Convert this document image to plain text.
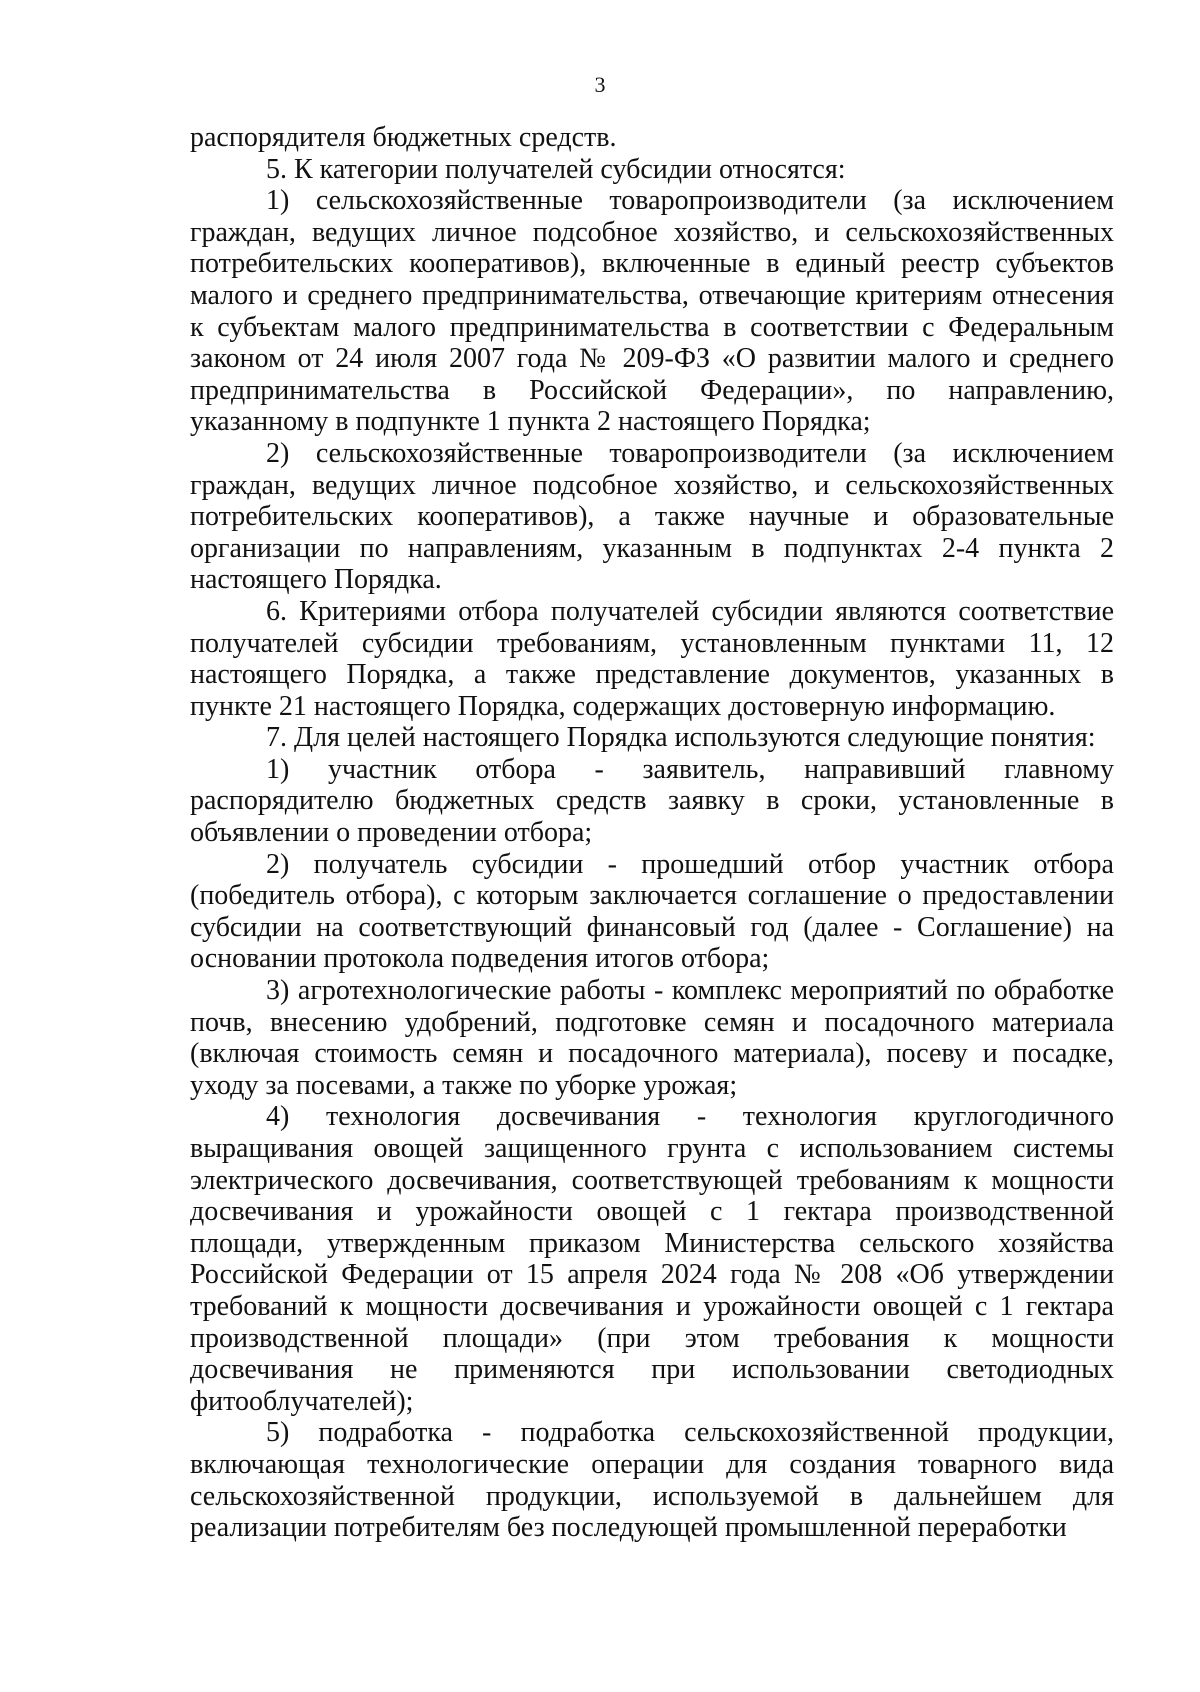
3

распорядителя бюджетных средств.

5. К категории получателей субсидии относятся:

1) сельскохозяйственные товаропроизводители (за исключением граждан, ведущих личное подсобное хозяйство, и сельскохозяйственных потребительских кооперативов), включенные в единый реестр субъектов малого и среднего предпринимательства, отвечающие критериям отнесения к субъектам малого предпринимательства в соответствии с Федеральным законом от 24 июля 2007 года № 209-ФЗ «О развитии малого и среднего предпринимательства в Российской Федерации», по направлению, указанному в подпункте 1 пункта 2 настоящего Порядка;

2) сельскохозяйственные товаропроизводители (за исключением граждан, ведущих личное подсобное хозяйство, и сельскохозяйственных потребительских кооперативов), а также научные и образовательные организации по направлениям, указанным в подпунктах 2-4 пункта 2 настоящего Порядка.

6. Критериями отбора получателей субсидии являются соответствие получателей субсидии требованиям, установленным пунктами 11, 12 настоящего Порядка, а также представление документов, указанных в пункте 21 настоящего Порядка, содержащих достоверную информацию.

7. Для целей настоящего Порядка используются следующие понятия:

1) участник отбора - заявитель, направивший главному распорядителю бюджетных средств заявку в сроки, установленные в объявлении о проведении отбора;

2) получатель субсидии - прошедший отбор участник отбора (победитель отбора), с которым заключается соглашение о предоставлении субсидии на соответствующий финансовый год (далее - Соглашение) на основании протокола подведения итогов отбора;

3) агротехнологические работы - комплекс мероприятий по обработке почв, внесению удобрений, подготовке семян и посадочного материала (включая стоимость семян и посадочного материала), посеву и посадке, уходу за посевами, а также по уборке урожая;

4) технология досвечивания - технология круглогодичного выращивания овощей защищенного грунта с использованием системы электрического досвечивания, соответствующей требованиям к мощности досвечивания и урожайности овощей с 1 гектара производственной площади, утвержденным приказом Министерства сельского хозяйства Российской Федерации от 15 апреля 2024 года № 208 «Об утверждении требований к мощности досвечивания и урожайности овощей с 1 гектара производственной площади» (при этом требования к мощности досвечивания не применяются при использовании светодиодных фитооблучателей);

5) подработка - подработка сельскохозяйственной продукции, включающая технологические операции для создания товарного вида сельскохозяйственной продукции, используемой в дальнейшем для реализации потребителям без последующей промышленной переработки
